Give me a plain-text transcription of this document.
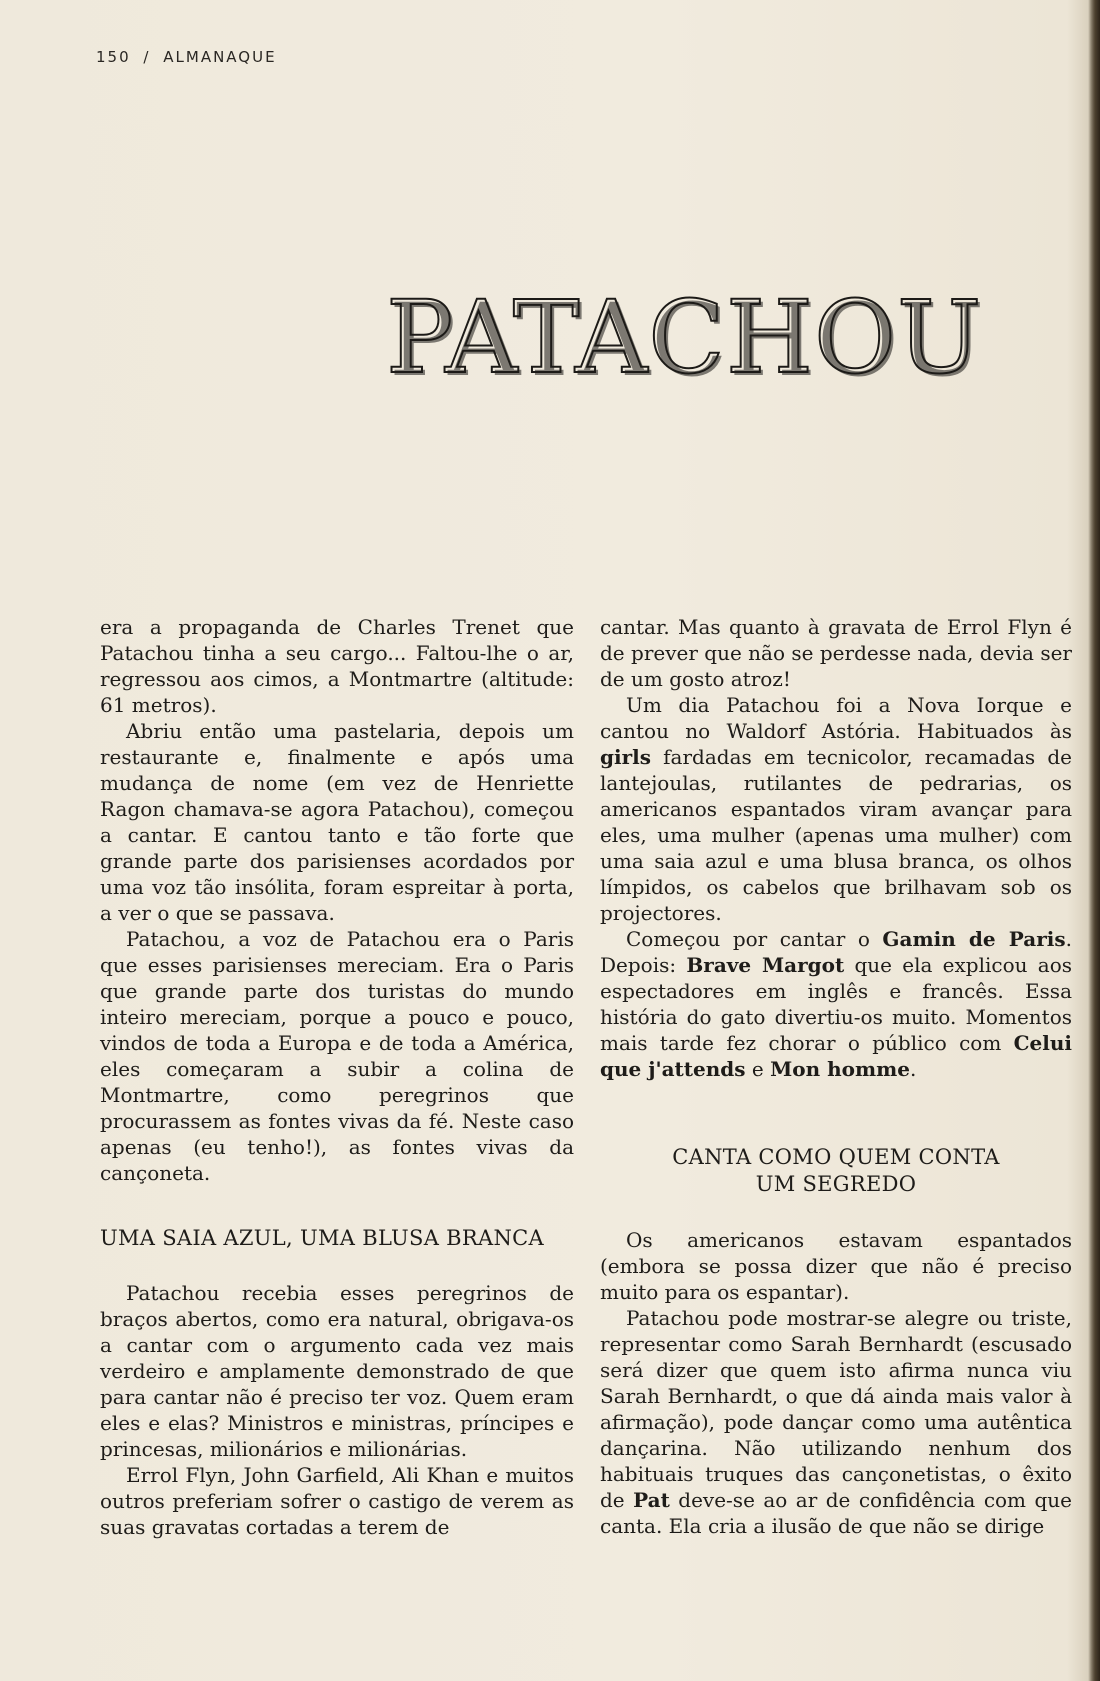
150 / ALMANAQUE
PATACHOU

era a propaganda de Charles Trenet que Patachou tinha a seu cargo... Faltou-lhe o ar, regressou aos cimos, a Montmartre (altitude: 61 metros).

Abriu então uma pastelaria, depois um restaurante e, finalmente e após uma mudança de nome (em vez de Henriette Ragon chamava-se agora Patachou), começou a cantar. E cantou tanto e tão forte que grande parte dos parisienses acordados por uma voz tão insólita, foram espreitar à porta, a ver o que se passava.

Patachou, a voz de Patachou era o Paris que esses parisienses mereciam. Era o Paris que grande parte dos turistas do mundo inteiro mereciam, porque a pouco e pouco, vindos de toda a Europa e de toda a América, eles começaram a subir a colina de Montmartre, como peregrinos que procurassem as fontes vivas da fé. Neste caso apenas (eu tenho!), as fontes vivas da cançoneta.

UMA SAIA AZUL, UMA BLUSA BRANCA

Patachou recebia esses peregrinos de braços abertos, como era natural, obrigava-os a cantar com o argumento cada vez mais verdeiro e amplamente demonstrado de que para cantar não é preciso ter voz. Quem eram eles e elas? Ministros e ministras, príncipes e princesas, milionários e milionárias.

Errol Flyn, John Garfield, Ali Khan e muitos outros preferiam sofrer o castigo de verem as suas gravatas cortadas a terem de

cantar. Mas quanto à gravata de Errol Flyn é de prever que não se perdesse nada, devia ser de um gosto atroz!

Um dia Patachou foi a Nova Iorque e cantou no Waldorf Astória. Habituados às girls fardadas em tecnicolor, recamadas de lantejoulas, rutilantes de pedrarias, os americanos espantados viram avançar para eles, uma mulher (apenas uma mulher) com uma saia azul e uma blusa branca, os olhos límpidos, os cabelos que brilhavam sob os projectores.

Começou por cantar o Gamin de Paris. Depois: Brave Margot que ela explicou aos espectadores em inglês e francês. Essa história do gato divertiu-os muito. Momentos mais tarde fez chorar o público com Celui que j'attends e Mon homme.

CANTA COMO QUEM CONTA
UM SEGREDO

Os americanos estavam espantados (embora se possa dizer que não é preciso muito para os espantar).

Patachou pode mostrar-se alegre ou triste, representar como Sarah Bernhardt (escusado será dizer que quem isto afirma nunca viu Sarah Bernhardt, o que dá ainda mais valor à afirmação), pode dançar como uma autêntica dançarina. Não utilizando nenhum dos habituais truques das cançonetistas, o êxito de Pat deve-se ao ar de confidência com que canta. Ela cria a ilusão de que não se dirige
